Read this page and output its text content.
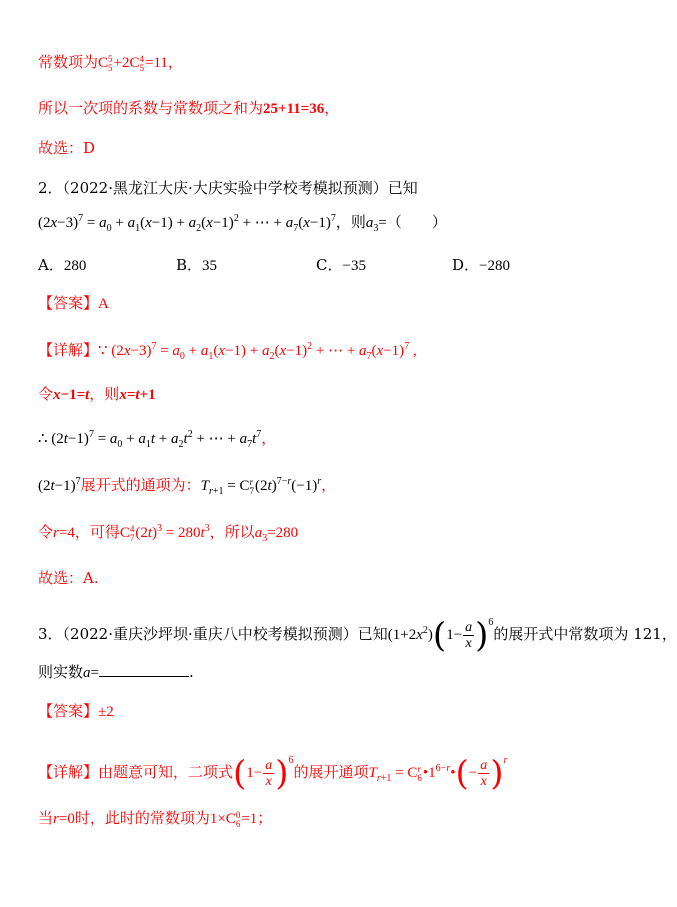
常数项为C 5
5 +2C 4
5 =11，
所以一次项的系数与常数项之和为25+11=36，
故选：D
2．（2022·黑龙江大庆·大庆实验中学校考模拟预测）已知
$(2x-3)^7 = a_0 + a_1(x-1) + a_2(x-1)^2$ + ⋯ + $a_7(x-1)^7$，则$a_3=$（　　）
A．280	B．35	C．−35	D．−280
【答案】A
【详解】∵ $(2x-3)^7 = a_0 + a_1(x-1) + a_2(x-1)^2$ + ⋯ + $a_7(x-1)^7$ ,
令x−1=t，则x=t+1
∴ $(2t-1)^7 = a_0 + a_1t + a_2t^2$ + ⋯ + $a_7t^7$，
$(2t-1)^7$展开式的通项为：$T_{r+1} = C$ r
7 $(2t)^{7-r}(-1)^r$，
令r=4，可得C 4
7 $(2t)^3 = 280t^3$，所以$a_3=280$
故选：A.
3．（2022·重庆沙坪坝·重庆八中校考模拟预测）已知$(1+2x^2)(1- \frac{a}{x} )^6$的展开式中常数项为 121，
则实数a=	.
【答案】±2
【详解】由题意可知，二项式$(1- \frac{a}{x} )^6$的展开通项$T_{r+1} = C$ r
6 $•1^{6-r}•(- \frac{a}{x} )^r$
当r=0时，此时的常数项为1×C 0
6 =1；
